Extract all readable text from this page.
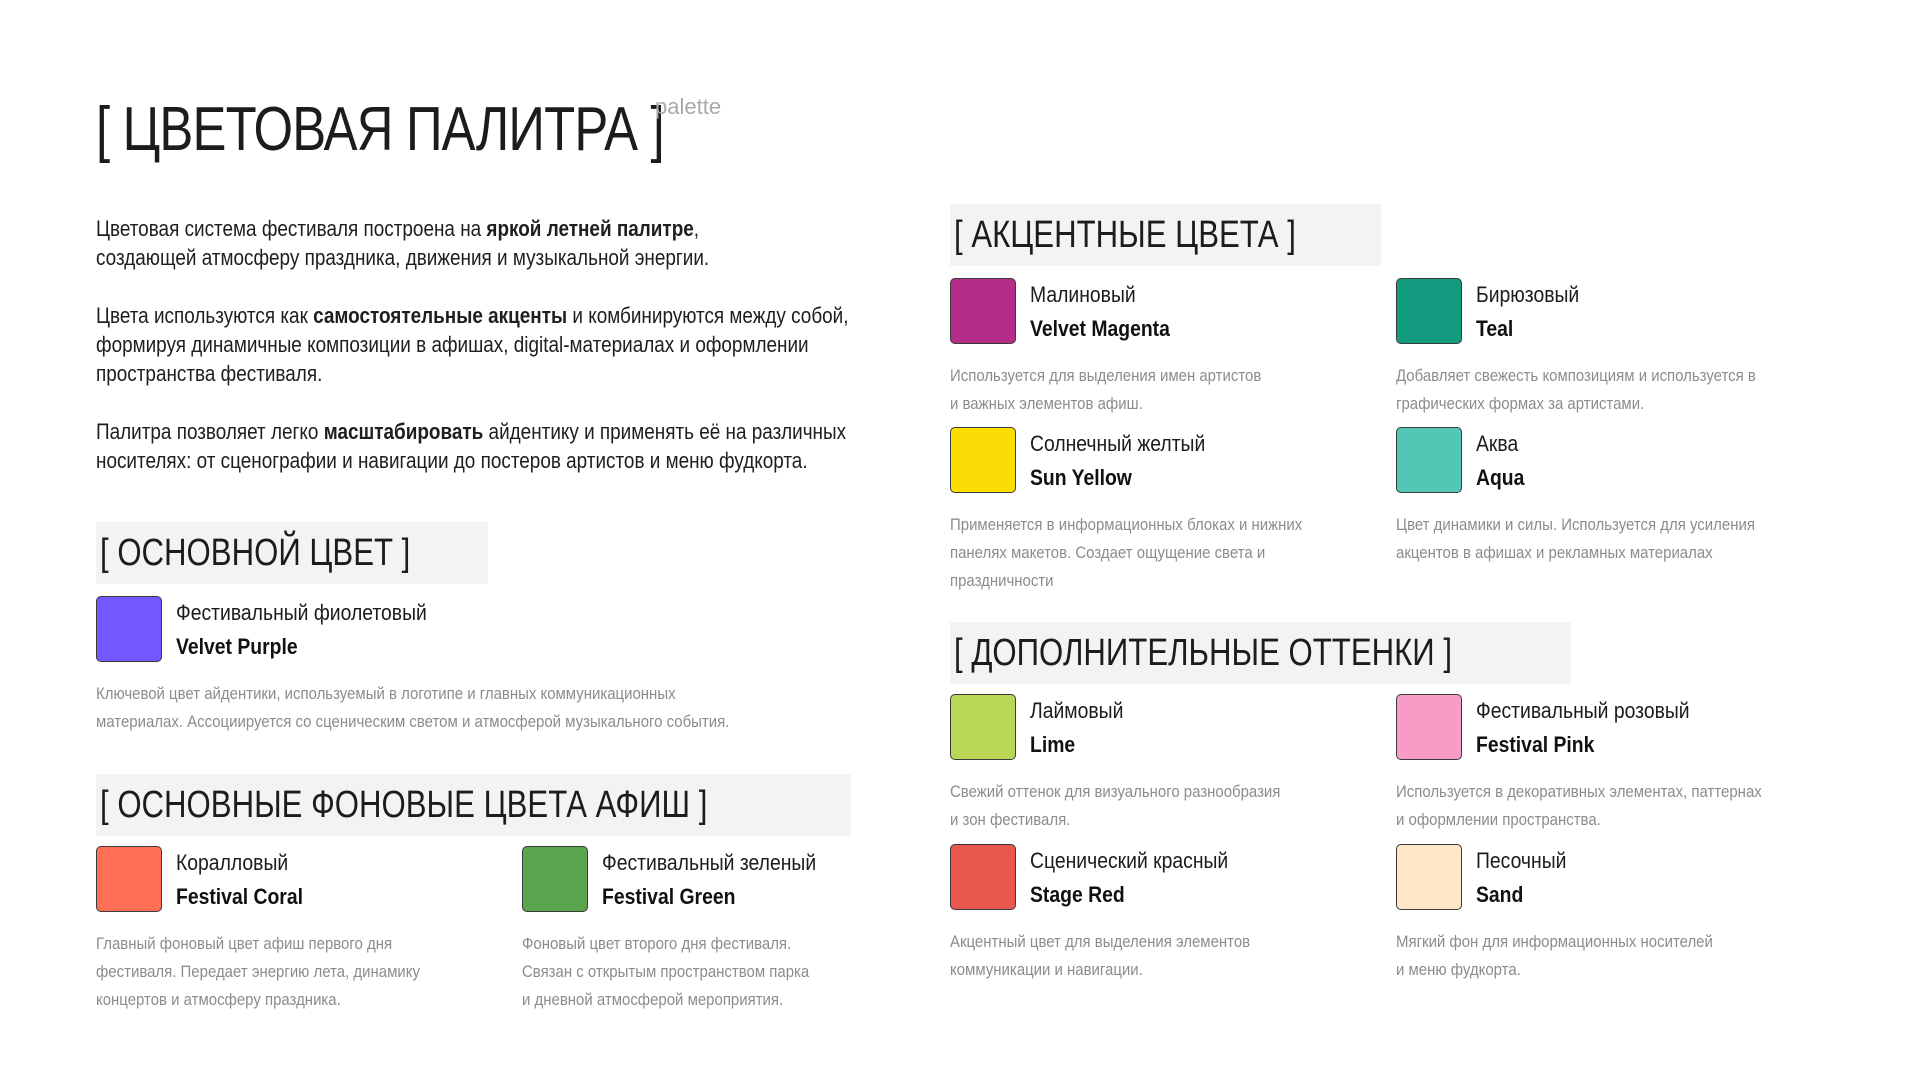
[ ЦВЕТОВАЯ ПАЛИТРА ]
palette

Цветовая система фестиваля построена на яркой летней палитре,
создающей атмосферу праздника, движения и музыкальной энергии.

Цвета используются как самостоятельные акценты и комбинируются между собой,
формируя динамичные композиции в афишах, digital-материалах и оформлении
пространства фестиваля.

Палитра позволяет легко масштабировать айдентику и применять её на различных
носителях: от сценографии и навигации до постеров артистов и меню фудкорта.

[ ОСНОВНОЙ ЦВЕТ ]
[ ОСНОВНЫЕ ФОНОВЫЕ ЦВЕТА АФИШ ]
[ АКЦЕНТНЫЕ ЦВЕТА ]
[ ДОПОЛНИТЕЛЬНЫЕ ОТТЕНКИ ]
Фестивальный фиолетовый
Velvet Purple
Ключевой цвет айдентики, используемый в логотипе и главных коммуникационных
материалах. Ассоциируется со сценическим светом и атмосферой музыкального события.
Коралловый
Festival Coral
Главный фоновый цвет афиш первого дня
фестиваля. Передает энергию лета, динамику
концертов и атмосферу праздника.
Фестивальный зеленый
Festival Green
Фоновый цвет второго дня фестиваля.
Связан с открытым пространством парка
и дневной атмосферой мероприятия.
Малиновый
Velvet Magenta
Используется для выделения имен артистов
и важных элементов афиш.
Бирюзовый
Teal
Добавляет свежесть композициям и используется в
графических формах за артистами.
Солнечный желтый
Sun Yellow
Применяется в информационных блоках и нижних
панелях макетов. Создает ощущение света и
праздничности
Аква
Aqua
Цвет динамики и силы. Используется для усиления
акцентов в афишах и рекламных материалах
Лаймовый
Lime
Свежий оттенок для визуального разнообразия
и зон фестиваля.
Фестивальный розовый
Festival Pink
Используется в декоративных элементах, паттернах
и оформлении пространства.
Сценический красный
Stage Red
Акцентный цвет для выделения элементов
коммуникации и навигации.
Песочный
Sand
Мягкий фон для информационных носителей
и меню фудкорта.
